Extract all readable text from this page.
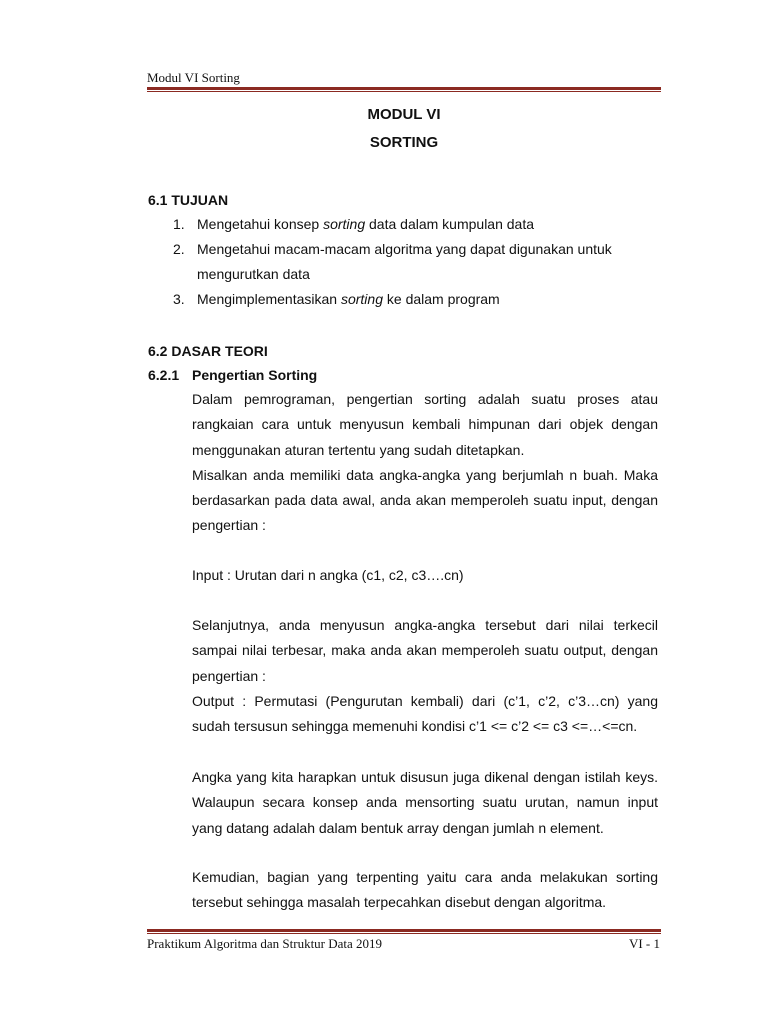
Modul VI Sorting
MODUL VI
SORTING
6.1 TUJUAN
1. Mengetahui konsep sorting data dalam kumpulan data
2. Mengetahui macam-macam algoritma yang dapat digunakan untuk mengurutkan data
3. Mengimplementasikan sorting ke dalam program
6.2 DASAR TEORI
6.2.1 Pengertian Sorting

Dalam pemrograman, pengertian sorting adalah suatu proses atau rangkaian cara untuk menyusun kembali himpunan dari objek dengan menggunakan aturan tertentu yang sudah ditetapkan.

Misalkan anda memiliki data angka-angka yang berjumlah n buah. Maka berdasarkan pada data awal, anda akan memperoleh suatu input, dengan pengertian :

Input : Urutan dari n angka (c1, c2, c3….cn)

Selanjutnya, anda menyusun angka-angka tersebut dari nilai terkecil sampai nilai terbesar, maka anda akan memperoleh suatu output, dengan pengertian :

Output : Permutasi (Pengurutan kembali) dari (c’1, c’2, c’3…cn) yang sudah tersusun sehingga memenuhi kondisi c’1 <= c’2 <= c3 <=…<=cn.

Angka yang kita harapkan untuk disusun juga dikenal dengan istilah keys. Walaupun secara konsep anda mensorting suatu urutan, namun input yang datang adalah dalam bentuk array dengan jumlah n element.

Kemudian, bagian yang terpenting yaitu cara anda melakukan sorting tersebut sehingga masalah terpecahkan disebut dengan algoritma.

Praktikum Algoritma dan Struktur Data 2019	VI - 1
